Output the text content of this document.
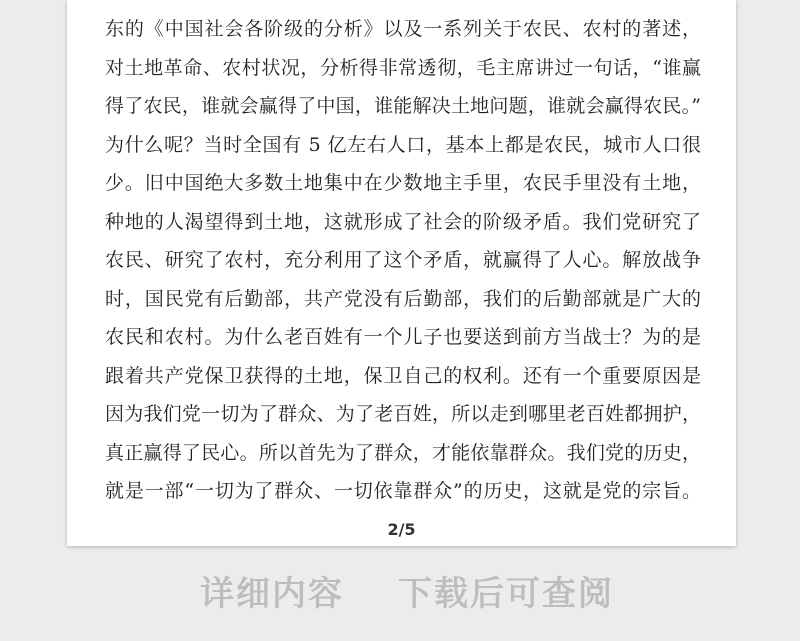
东的《中国社会各阶级的分析》以及一系列关于农民、农村的著述，
对土地革命、农村状况，分析得非常透彻，毛主席讲过一句话，“谁赢
得了农民，谁就会赢得了中国，谁能解决土地问题，谁就会赢得农民。”
为什么呢？当时全国有 5 亿左右人口，基本上都是农民，城市人口很
少。旧中国绝大多数土地集中在少数地主手里，农民手里没有土地，
种地的人渴望得到土地，这就形成了社会的阶级矛盾。我们党研究了
农民、研究了农村，充分利用了这个矛盾，就赢得了人心。解放战争
时，国民党有后勤部，共产党没有后勤部，我们的后勤部就是广大的
农民和农村。为什么老百姓有一个儿子也要送到前方当战士？为的是
跟着共产党保卫获得的土地，保卫自己的权利。还有一个重要原因是
因为我们党一切为了群众、为了老百姓，所以走到哪里老百姓都拥护，
真正赢得了民心。所以首先为了群众，才能依靠群众。我们党的历史，
就是一部“一切为了群众、一切依靠群众”的历史，这就是党的宗旨。
2/5
详细内容 下载后可查阅
